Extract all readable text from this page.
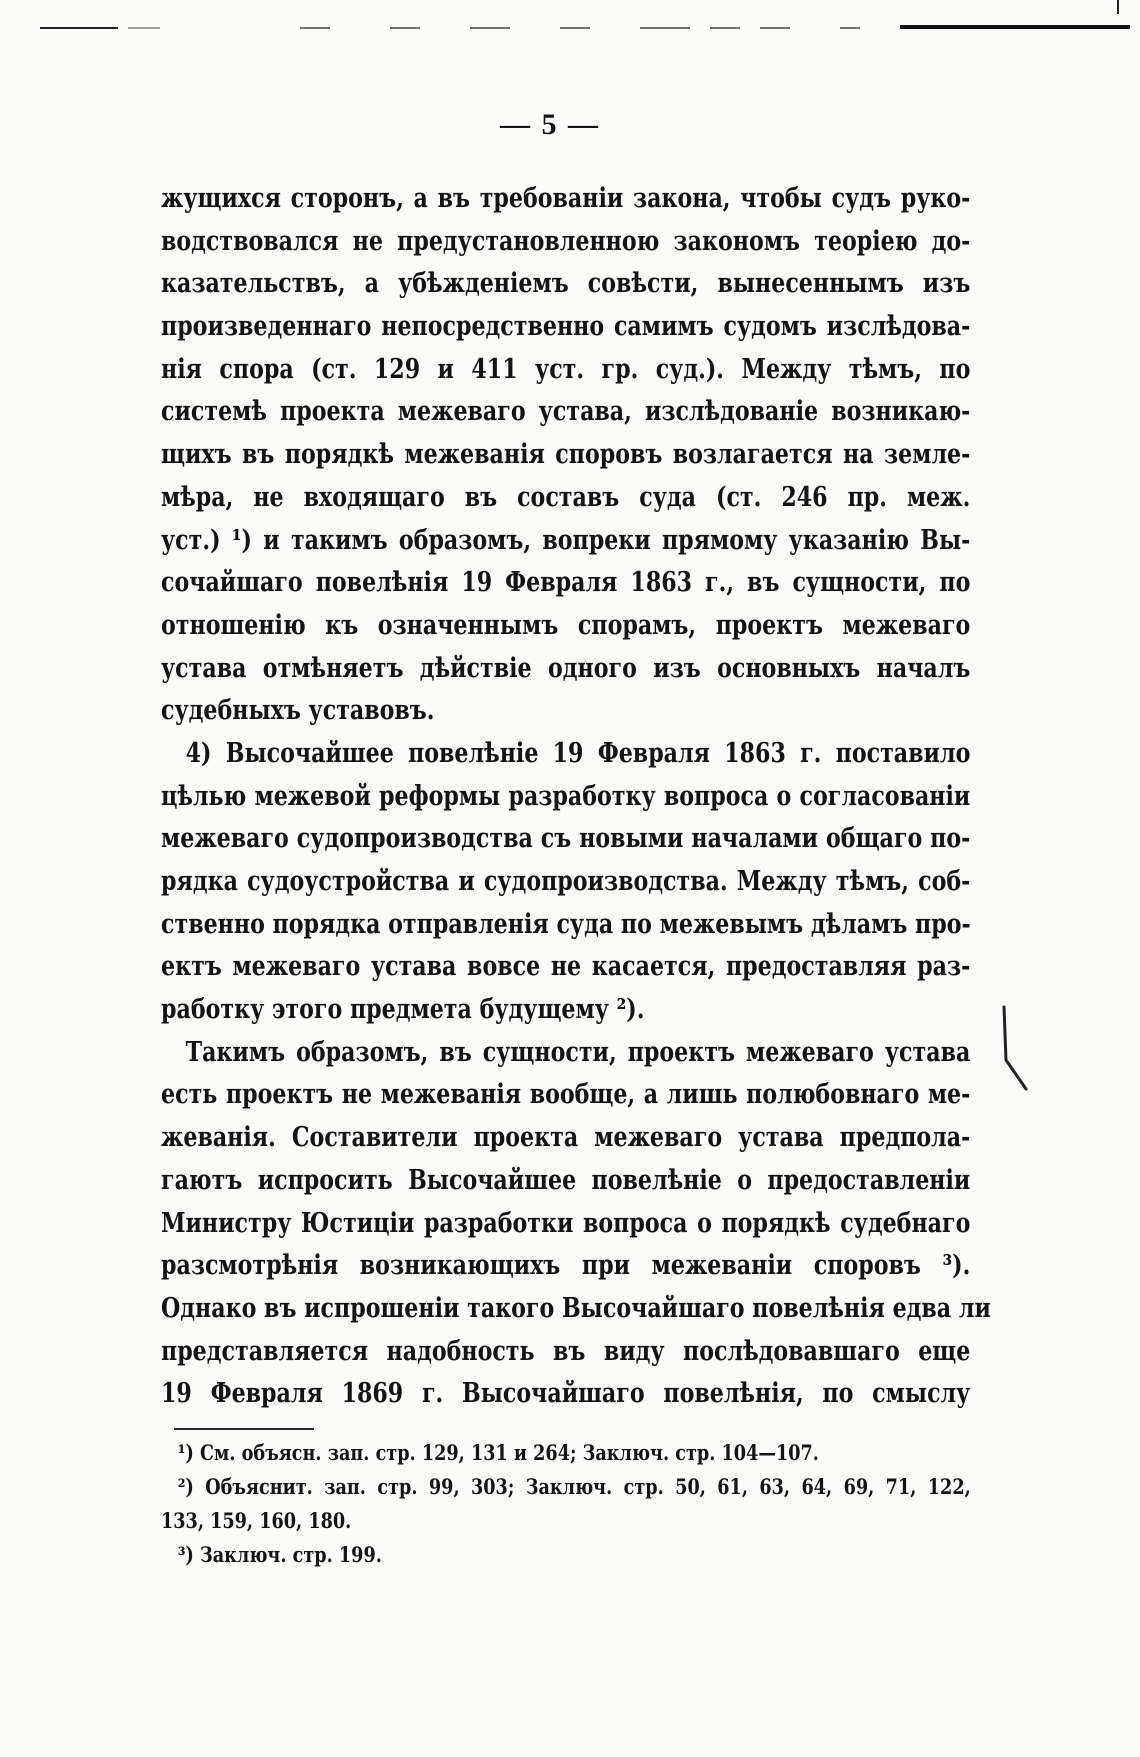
— 5 —
жущихся сторонъ, а въ требованіи закона, чтобы судъ руко-
водствовался не предустановленною закономъ теоріею до-
казательствъ, а убѣжденіемъ совѣсти, вынесеннымъ изъ
произведеннаго непосредственно самимъ судомъ изслѣдова-
нія спора (ст. 129 и 411 уст. гр. суд.). Между тѣмъ, по
системѣ проекта межеваго устава, изслѣдованіе возникаю-
щихъ въ порядкѣ межеванія споровъ возлагается на земле-
мѣра, не входящаго въ составъ суда (ст. 246 пр. меж.
уст.) ¹) и такимъ образомъ, вопреки прямому указанію Вы-
сочайшаго повелѣнія 19 Февраля 1863 г., въ сущности, по
отношенію къ означеннымъ спорамъ, проектъ межеваго
устава отмѣняетъ дѣйствіе одного изъ основныхъ началъ
судебныхъ уставовъ.
4) Высочайшее повелѣніе 19 Февраля 1863 г. поставило
цѣлью межевой реформы разработку вопроса о согласованіи
межеваго судопроизводства съ новыми началами общаго по-
рядка судоустройства и судопроизводства. Между тѣмъ, соб-
ственно порядка отправленія суда по межевымъ дѣламъ про-
ектъ межеваго устава вовсе не касается, предоставляя раз-
работку этого предмета будущему ²).
Такимъ образомъ, въ сущности, проектъ межеваго устава
есть проектъ не межеванія вообще, а лишь полюбовнаго ме-
жеванія. Составители проекта межеваго устава предпола-
гаютъ испросить Высочайшее повелѣніе о предоставленіи
Министру Юстиціи разработки вопроса о порядкѣ судебнаго
разсмотрѣнія возникающихъ при межеваніи споровъ ³).
Однако въ испрошеніи такого Высочайшаго повелѣнія едва ли
представляется надобность въ виду послѣдовавшаго еще
19 Февраля 1869 г. Высочайшаго повелѣнія, по смыслу
¹) См. объясн. зап. стр. 129, 131 и 264; Заключ. стр. 104—107.
²) Объяснит. зап. стр. 99, 303; Заключ. стр. 50, 61, 63, 64, 69, 71, 122,
133, 159, 160, 180.
³) Заключ. стр. 199.
